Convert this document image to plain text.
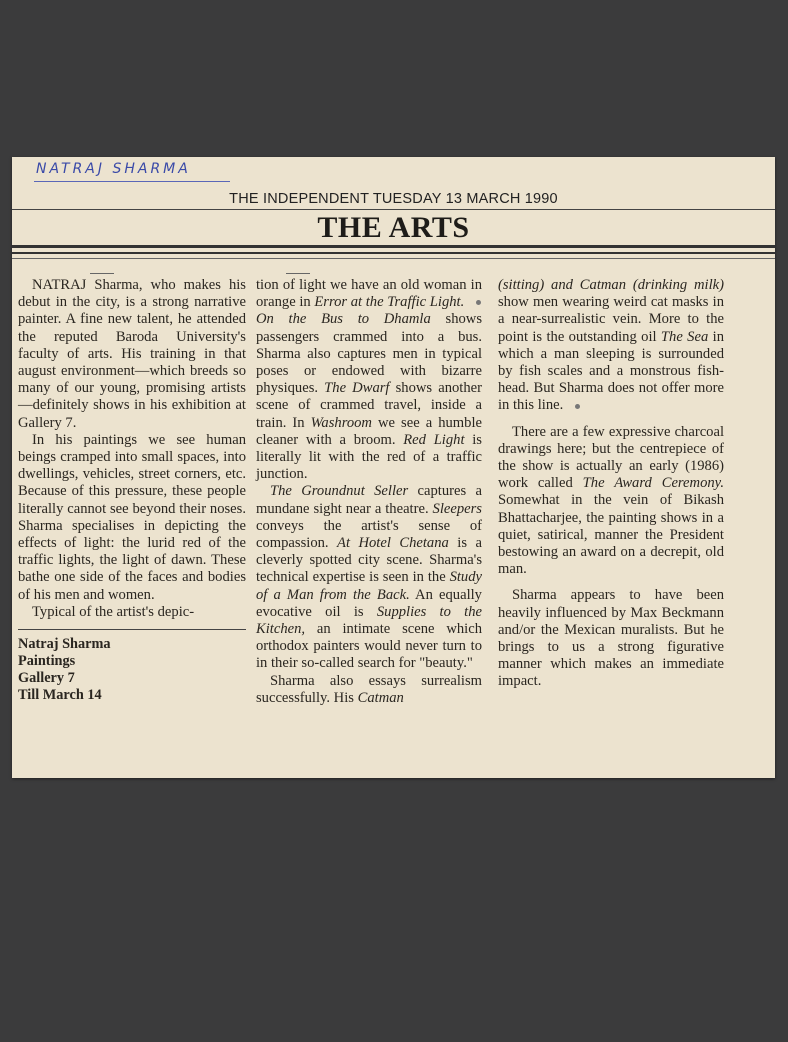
NATRAJ SHARMA
THE INDEPENDENT TUESDAY 13 MARCH 1990
THE ARTS

NATRAJ Sharma, who makes his debut in the city, is a strong narrative painter. A fine new talent, he attended the reputed Baroda University's faculty of arts. His training in that august environment—which breeds so many of our young, promising artists—definitely shows in his exhibition at Gallery 7.

In his paintings we see human beings cramped into small spaces, into dwellings, vehicles, street corners, etc. Because of this pressure, these people literally cannot see beyond their noses. Sharma specialises in depicting the effects of light: the lurid red of the traffic lights, the light of dawn. These bathe one side of the faces and bodies of his men and women.

Typical of the artist's depic-

Natraj Sharma
Paintings
Gallery 7
Till March 14

tion of light we have an old woman in orange in Error at the Traffic Light.

On the Bus to Dhamla shows passengers crammed into a bus. Sharma also captures men in typical poses or endowed with bizarre physiques. The Dwarf shows another scene of crammed travel, inside a train. In Washroom we see a humble cleaner with a broom. Red Light is literally lit with the red of a traffic junction.

The Groundnut Seller captures a mundane sight near a theatre. Sleepers conveys the artist's sense of compassion. At Hotel Chetana is a cleverly spotted city scene. Sharma's technical expertise is seen in the Study of a Man from the Back. An equally evocative oil is Supplies to the Kitchen, an intimate scene which orthodox painters would never turn to in their so-called search for "beauty."

Sharma also essays surrealism successfully. His Catman

(sitting) and Catman (drinking milk) show men wearing weird cat masks in a near-surrealistic vein. More to the point is the outstanding oil The Sea in which a man sleeping is surrounded by fish scales and a monstrous fish-head. But Sharma does not offer more in this line.

There are a few expressive charcoal drawings here; but the centrepiece of the show is actually an early (1986) work called The Award Ceremony. Somewhat in the vein of Bikash Bhattacharjee, the painting shows in a quiet, satirical, manner the President bestowing an award on a decrepit, old man.

Sharma appears to have been heavily influenced by Max Beckmann and/or the Mexican muralists. But he brings to us a strong figurative manner which makes an immediate impact.
